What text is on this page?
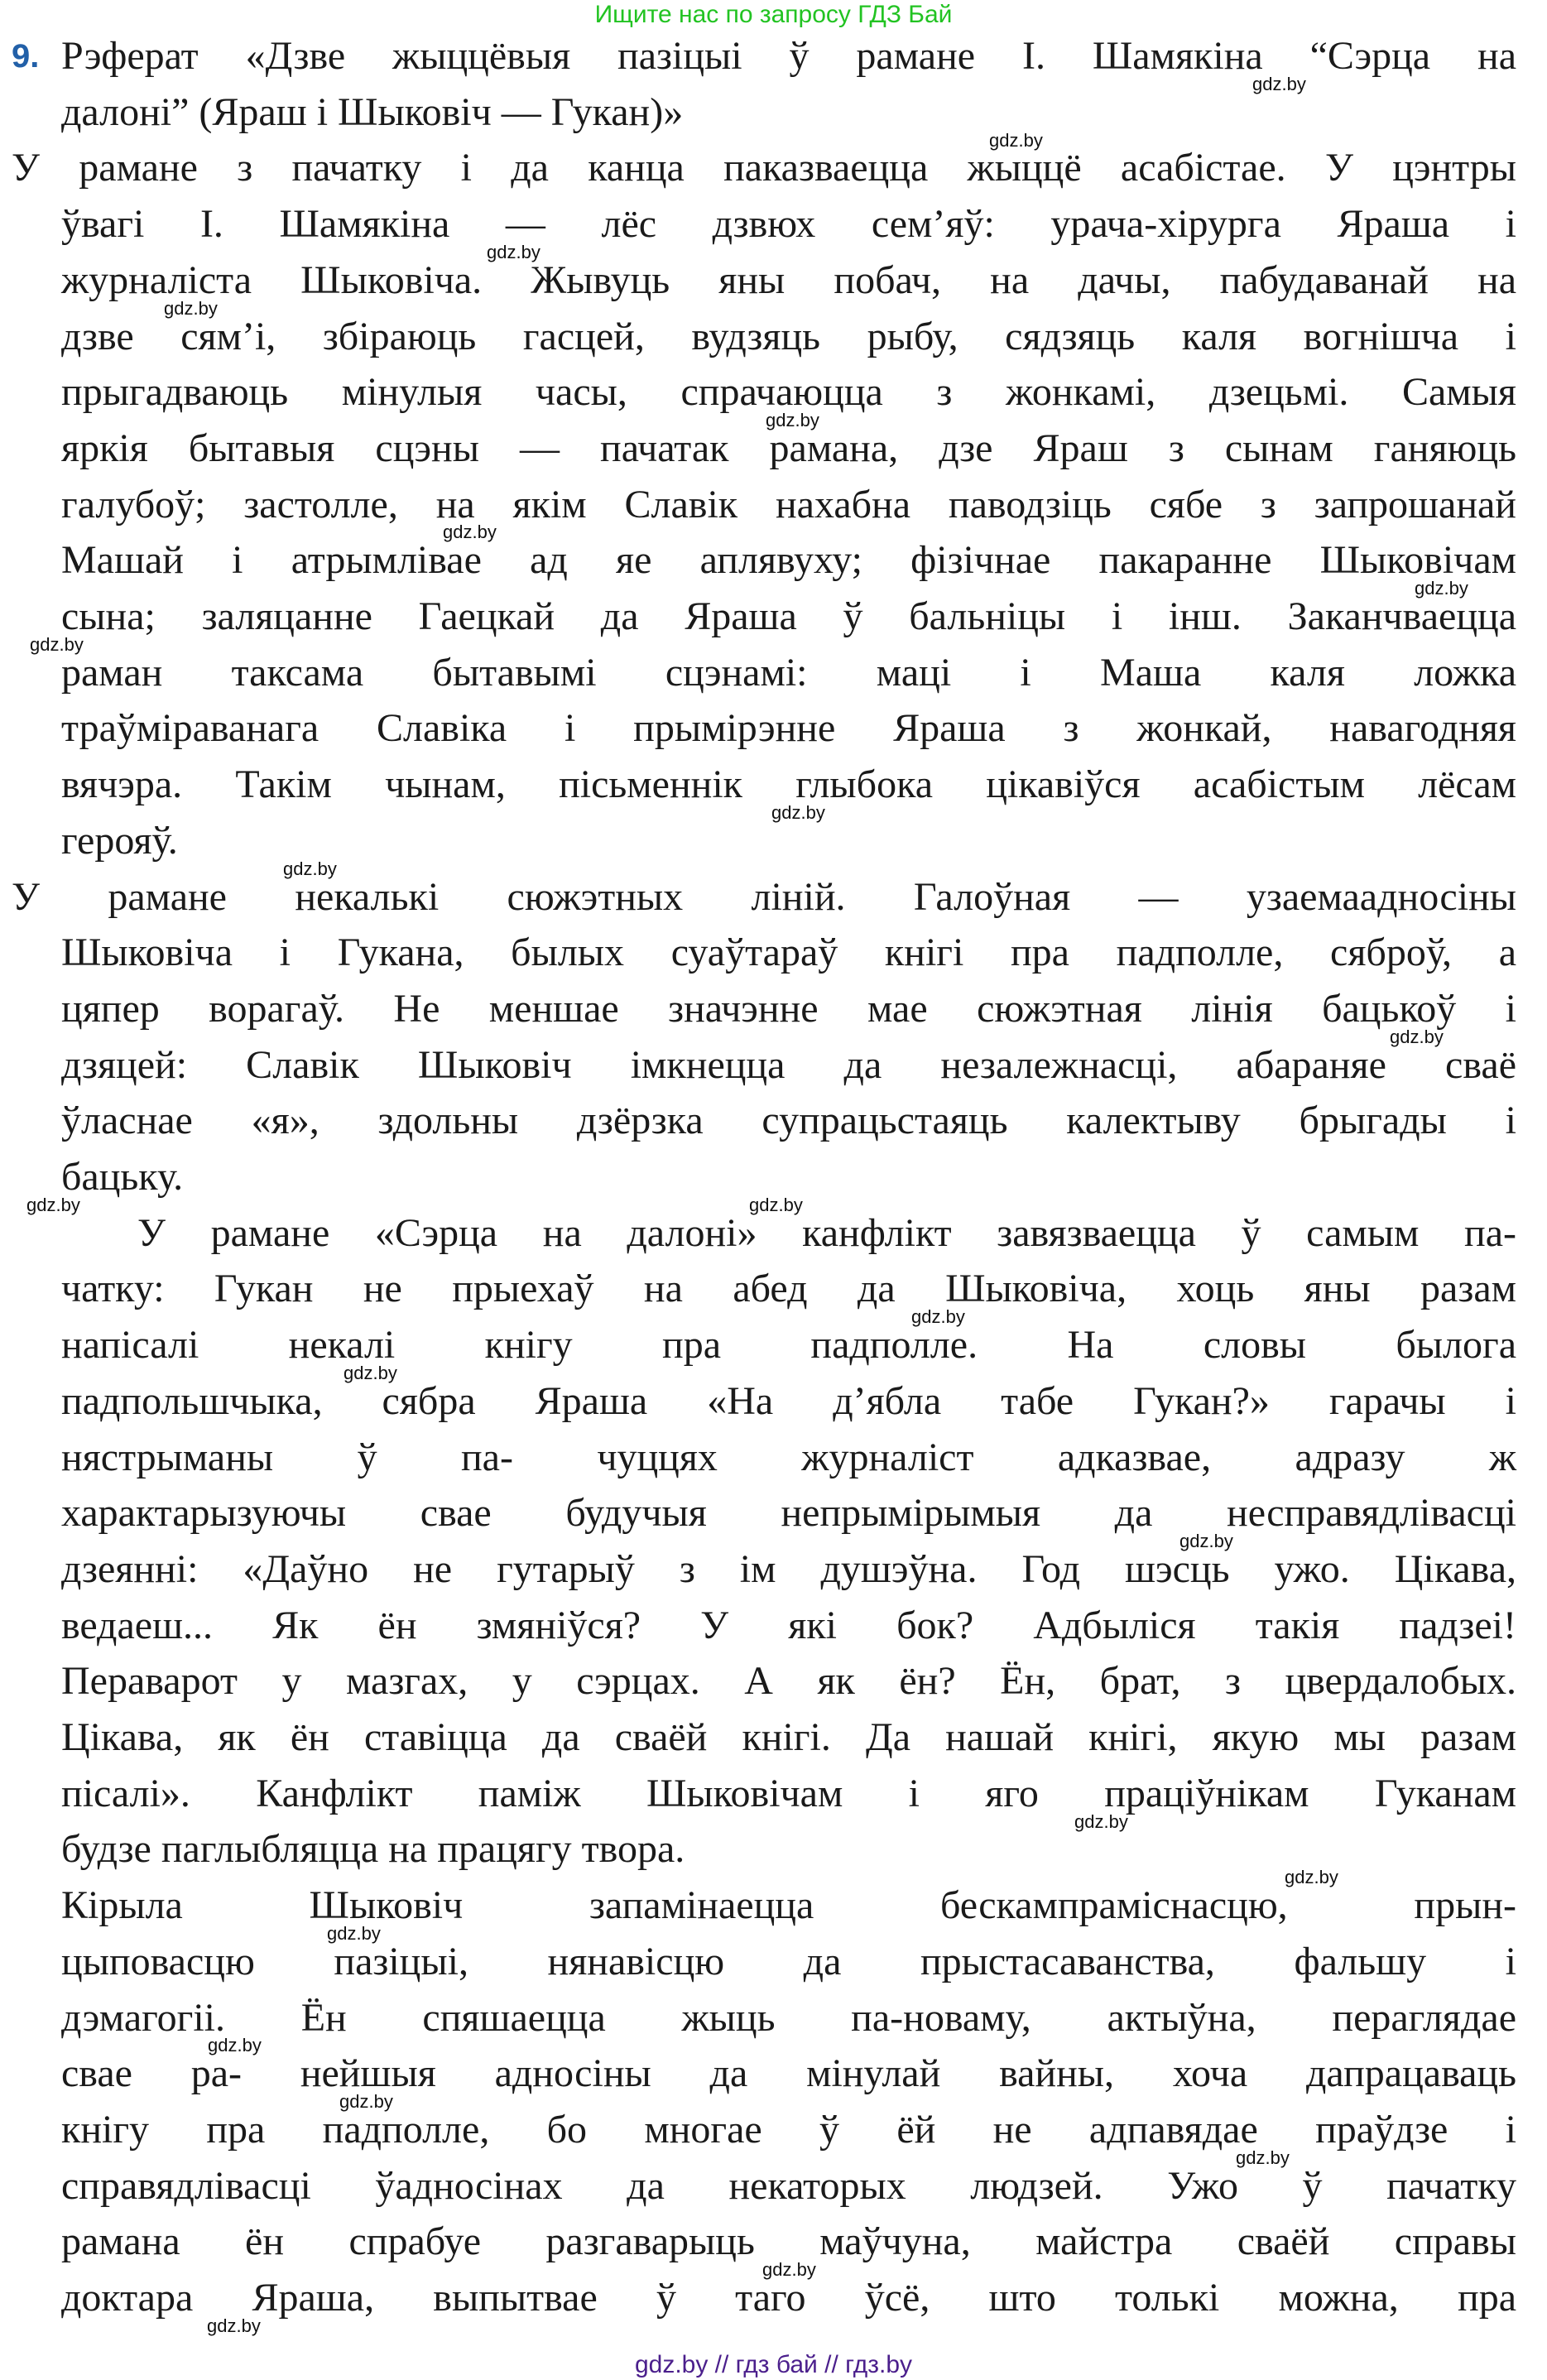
Ищите нас по запросу ГДЗ Бай
9. Рэферат «Дзве жыццёвыя пазіцыі ў рамане І. Шамякіна “Сэрца на
далоні” (Яраш і Шыковіч — Гукан)»
У рамане з пачатку і да канца паказваецца жыццё асабістае. У цэнтры
ўвагі І. Шамякіна — лёс дзвюх сем’яў: урача-хірурга Яраша і
журналіста Шыковіча. Жывуць яны побач, на дачы, пабудаванай на
дзве сям’і, збіраюць гасцей, вудзяць рыбу, сядзяць каля вогнішча і
прыгадваюць мінулыя часы, спрачаюцца з жонкамі, дзецьмі. Самыя
яркія бытавыя сцэны — пачатак рамана, дзе Яраш з сынам ганяюць
галубоў; застолле, на якім Славік нахабна паводзіць сябе з запрошанай
Машай і атрымлівае ад яе аплявуху; фізічнае пакаранне Шыковічам
сына; заляцанне Гаецкай да Яраша ў бальніцы і інш. Заканчваецца
раман таксама бытавымі сцэнамі: маці і Маша каля ложка
траўміраванага Славіка і прымірэнне Яраша з жонкай, навагодняя
вячэра. Такім чынам, пісьменнік глыбока цікавіўся асабістым лёсам
герояў.
У рамане некалькі сюжэтных ліній. Галоўная — узаемаадносіны
Шыковіча і Гукана, былых суаўтараў кнігі пра падполле, сяброў, а
цяпер ворагаў. Не меншае значэнне мае сюжэтная лінія бацькоў і
дзяцей: Славік Шыковіч імкнецца да незалежнасці, абараняе сваё
ўласнае «я», здольны дзёрзка супрацьстаяць калектыву брыгады і
бацьку.
У рамане «Сэрца на далоні» канфлікт завязваецца ў самым па-
чатку: Гукан не прыехаў на абед да Шыковіча, хоць яны разам
напісалі некалі кнігу пра падполле. На словы былога
падпольшчыка, сябра Яраша «На д’ябла табе Гукан?» гарачы і
нястрыманы ў па- чуццях журналіст адказвае, адразу ж
характарызуючы свае будучыя непрымірымыя да несправядлівасці
дзеянні: «Даўно не гутарыў з ім душэўна. Год шэсць ужо. Цікава,
ведаеш... Як ён змяніўся? У які бок? Адбыліся такія падзеі!
Пераварот у мазгах, у сэрцах. А як ён? Ён, брат, з цвердалобых.
Цікава, як ён ставіцца да сваёй кнігі. Да нашай кнігі, якую мы разам
пісалі». Канфлікт паміж Шыковічам і яго праціўнікам Гуканам
будзе паглыбляцца на працягу твора.
Кірыла Шыковіч запамінаецца бескампраміснасцю, прын-
цыповасцю пазіцыі, нянавісцю да прыстасаванства, фальшу і
дэмагогіі. Ён спяшаецца жыць па-новаму, актыўна, пераглядае
свае ра- нейшыя адносіны да мінулай вайны, хоча дапрацаваць
кнігу пра падполле, бо многае ў ёй не адпавядае праўдзе і
справядлівасці ўадносінах да некаторых людзей. Ужо ў пачатку
рамана ён спрабуе разгаварыць маўчуна, майстра сваёй справы
доктара Яраша, выпытвае ў таго ўсё, што толькі можна, пра
gdz.by
gdz.by
gdz.by
gdz.by
gdz.by
gdz.by
gdz.by
gdz.by
gdz.by
gdz.by
gdz.by
gdz.by
gdz.by
gdz.by
gdz.by
gdz.by
gdz.by
gdz.by
gdz.by
gdz.by
gdz.by
gdz.by
gdz.by
gdz.by
gdz.by // гдз бай // гдз.by
